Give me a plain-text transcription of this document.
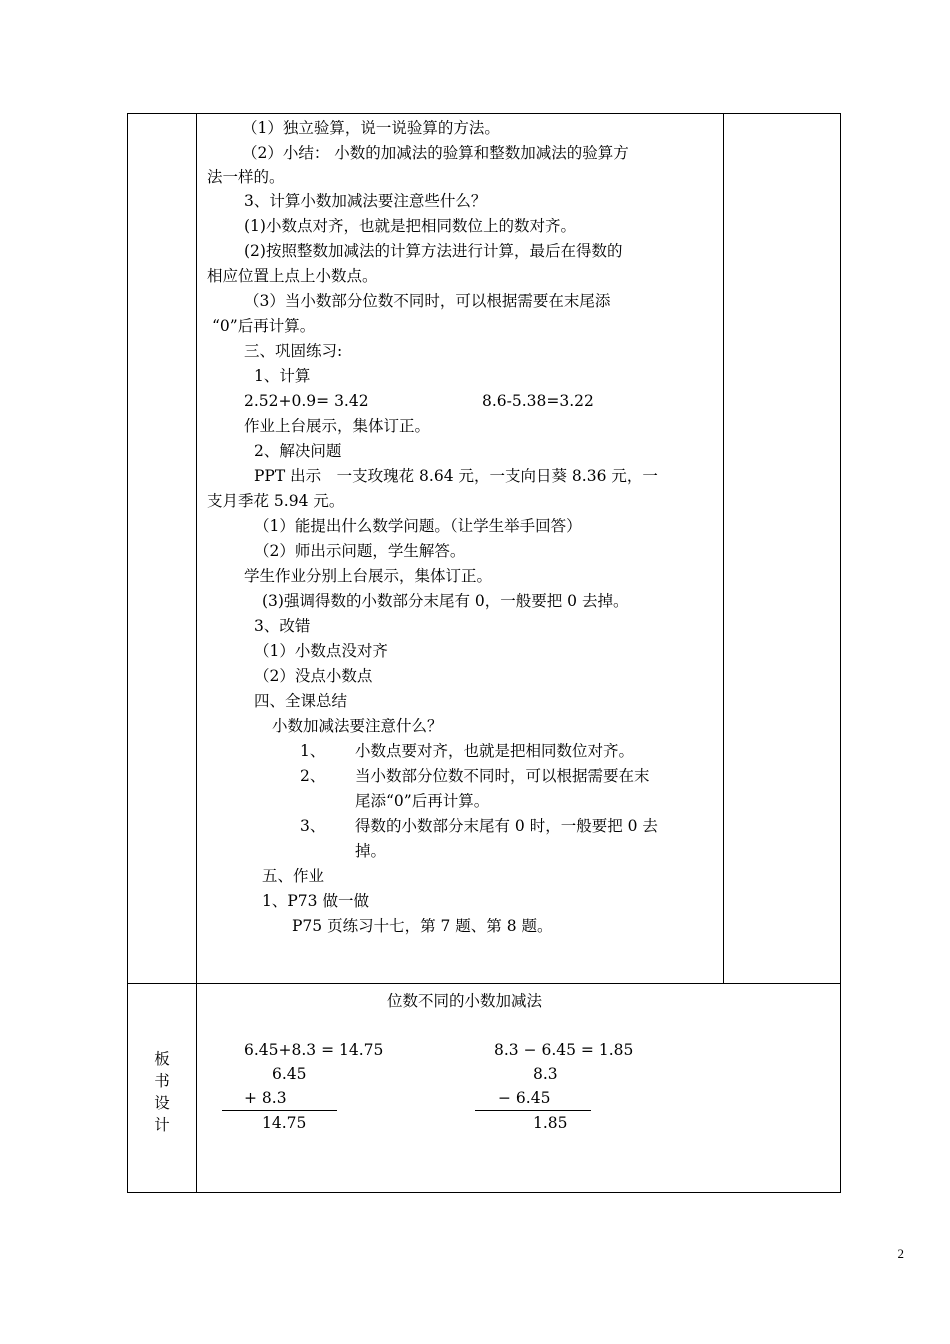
（1）独立验算，说一说验算的方法。
（2）小结： 小数的加减法的验算和整数加减法的验算方
法一样的。
3、计算小数加减法要注意些什么？
(1)小数点对齐，也就是把相同数位上的数对齐。
(2)按照整数加减法的计算方法进行计算，最后在得数的
相应位置上点上小数点。
（3）当小数部分位数不同时，可以根据需要在末尾添
“0”后再计算。
三、巩固练习:
1、计算
2.52+0.9= 3.42	8.6-5.38=3.22
作业上台展示，集体订正。
2、解决问题
PPT 出示　一支玫瑰花 8.64 元，一支向日葵 8.36 元，一
支月季花 5.94 元。
（1）能提出什么数学问题。（让学生举手回答）
（2）师出示问题，学生解答。
学生作业分别上台展示，集体订正。
(3)强调得数的小数部分末尾有 0，一般要把 0 去掉。
3、改错
（1）小数点没对齐
（2）没点小数点
四、全课总结
小数加减法要注意什么？
1、 小数点要对齐，也就是把相同数位对齐。
2、 当小数部分位数不同时，可以根据需要在末
尾添“0”后再计算。
3、 得数的小数部分末尾有 0 时，一般要把 0 去
掉。
五、作业
1、P73 做一做
P75 页练习十七，第 7 题、第 8 题。
板书设计
位数不同的小数加减法
6.45+8.3 = 14.75
6.45
+ 8.3
14.75
8.3 − 6.45 = 1.85
8.3
− 6.45
1.85
2
